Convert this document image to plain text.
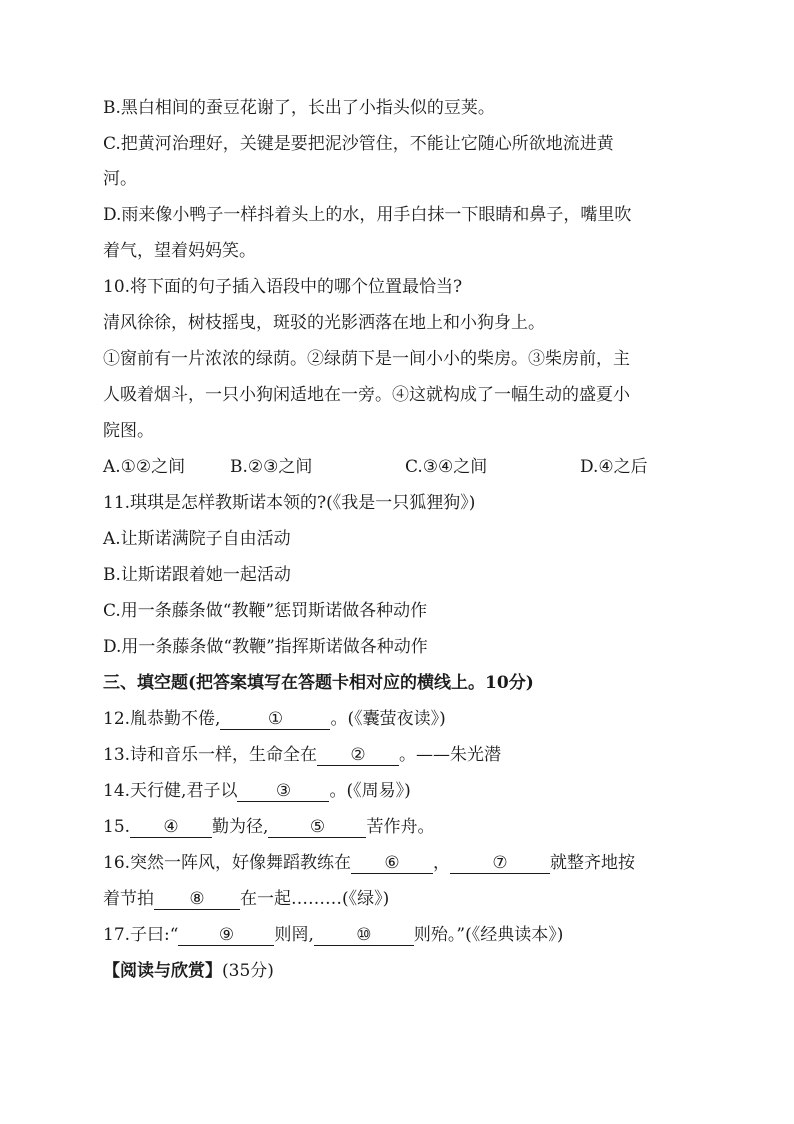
B.黑白相间的蚕豆花谢了，长出了小指头似的豆荚。
C.把黄河治理好，关键是要把泥沙管住，不能让它随心所欲地流进黄
河。
D.雨来像小鸭子一样抖着头上的水，用手白抹一下眼睛和鼻子，嘴里吹
着气，望着妈妈笑。
10.将下面的句子插入语段中的哪个位置最恰当?
清风徐徐，树枝摇曳，斑驳的光影洒落在地上和小狗身上。
①窗前有一片浓浓的绿荫。②绿荫下是一间小小的柴房。③柴房前，主
人吸着烟斗，一只小狗闲适地在一旁。④这就构成了一幅生动的盛夏小
院图。
A.①②之间	B.②③之间	C.③④之间	D.④之后
11.琪琪是怎样教斯诺本领的?(《我是一只狐狸狗》)
A.让斯诺满院子自由活动
B.让斯诺跟着她一起活动
C.用一条藤条做“教鞭”惩罚斯诺做各种动作
D.用一条藤条做“教鞭”指挥斯诺做各种动作
三、填空题(把答案填写在答题卡相对应的横线上。10分)
12.胤恭勤不倦,	①	。(《囊萤夜读》)
13.诗和音乐一样，生命全在 ② 。——朱光潜
14.天行健,君子以 ③ 。(《周易》)
15. ④ 勤为径, ⑤ 苦作舟。
16.突然一阵风，好像舞蹈教练在 ⑥ ， ⑦ 就整齐地按
着节拍 ⑧ 在一起………(《绿》)
17.子曰:“ ⑨ 则罔, ⑩ 则殆。”(《经典读本》)
【阅读与欣赏】(35分)
